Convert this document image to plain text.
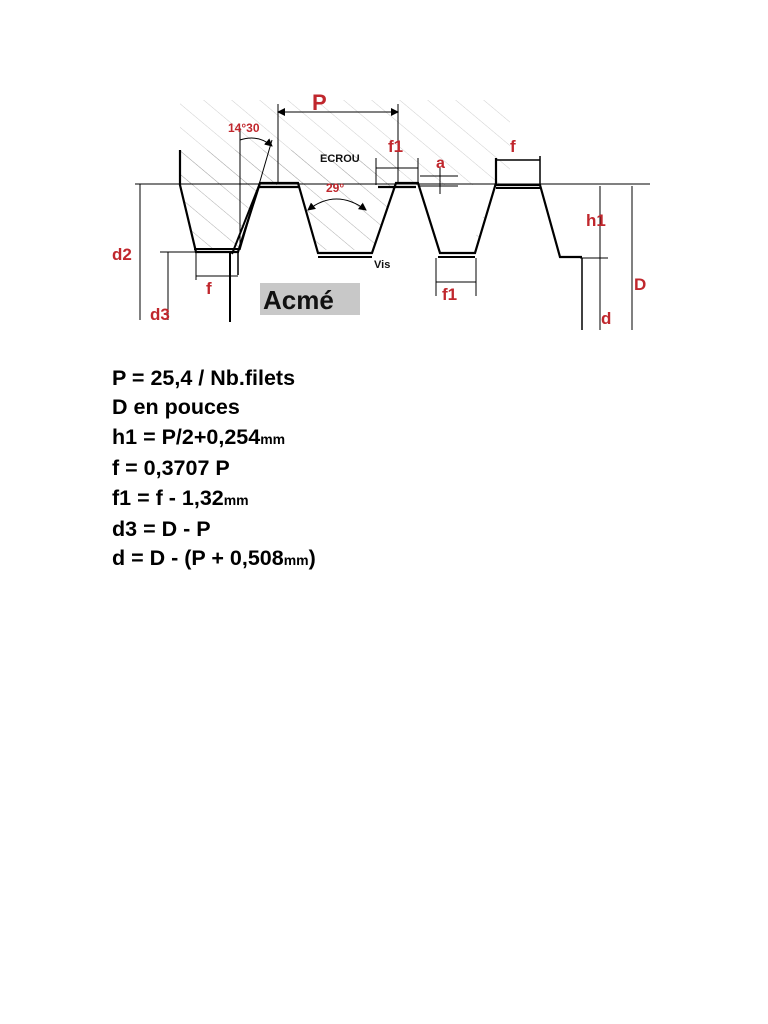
P
14°30
ECROU
f1
a
f
29°
h1
d2
Vis
f	f1
d3
D
d
Acmé
P = 25,4 / Nb.filets
D en pouces
h1 = P/2+0,254mm
f = 0,3707 P
f1 = f - 1,32mm
d3 = D - P
d = D - (P + 0,508mm)
